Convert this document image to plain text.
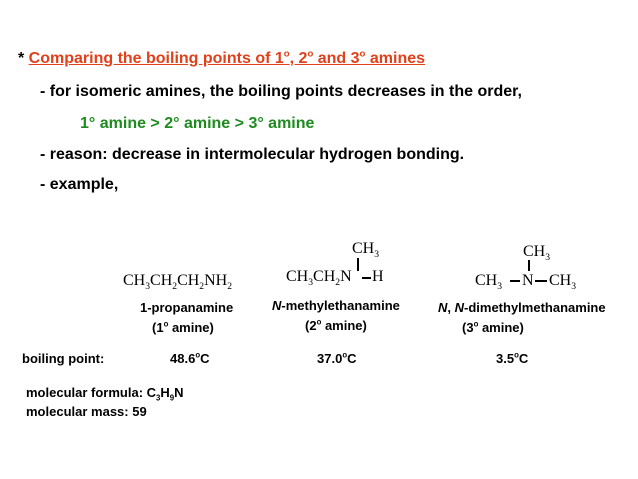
* Comparing the boiling points of 1$^o$, 2$^o$ and 3$^o$ amines
- for isomeric amines, the boiling points decreases in the order,
1° amine > 2° amine > 3° amine
- reason: decrease in intermolecular hydrogen bonding.
- example,
$CH_3CH_2CH_2NH_2$
$CH_3$
$CH_3CH_2N$ H
$CH_3$
$CH_3$ N $CH_3$
1-propanamine	N-methylethanamine	N, N-dimethylmethanamine
(1$^o$ amine)	(2$^o$ amine)	(3$^o$ amine)
boiling point:	48.6$^o$C	37.0$^o$C	3.5$^o$C
molecular formula: $C_3H_9N$
molecular mass: 59
